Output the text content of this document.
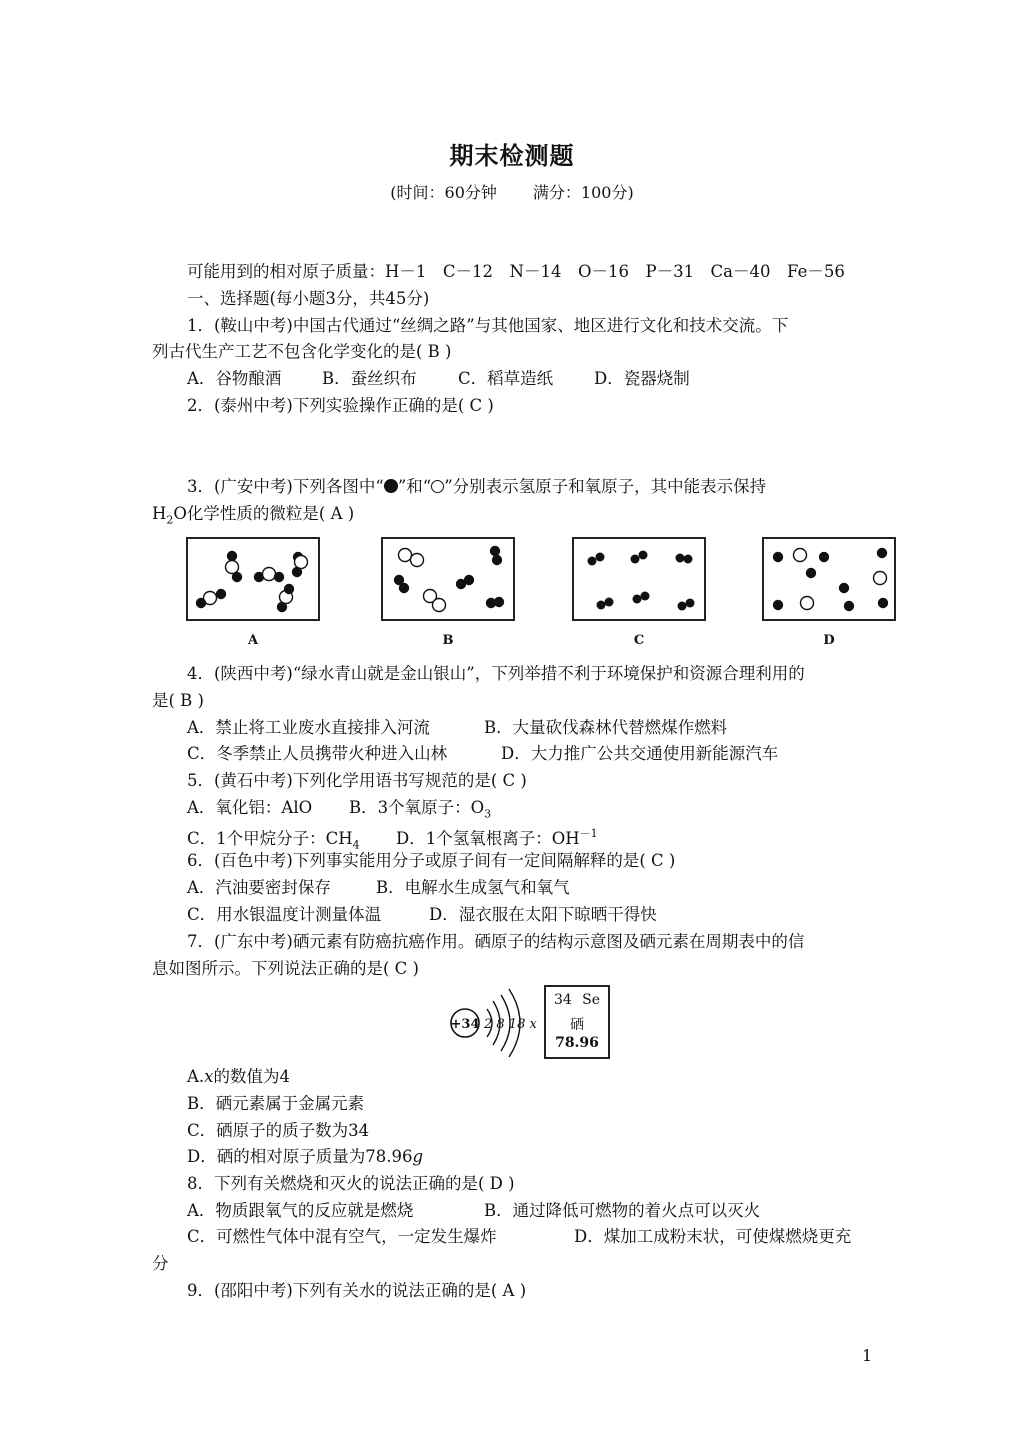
期末检测题
(时间：60分钟 满分：100分)
可能用到的相对原子质量：H－1　C－12　N－14　O－16　P－31　Ca－40　Fe－56
一、选择题(每小题3分，共45分)
1．(鞍山中考)中国古代通过“丝绸之路”与其他国家、地区进行文化和技术交流。下
列古代生产工艺不包含化学变化的是( B )
A．谷物酿酒 B．蚕丝织布	C．稻草造纸 D．瓷器烧制
2．(泰州中考)下列实验操作正确的是( C )
3．(广安中考)下列各图中“ ”和“ ”分别表示氢原子和氧原子，其中能表示保持
$H_2O$化学性质的微粒是( A )
A	B	C	D
4．(陕西中考)“绿水青山就是金山银山”，下列举措不利于环境保护和资源合理利用的
是( B )
A．禁止将工业废水直接排入河流	B．大量砍伐森林代替燃煤作燃料
C．冬季禁止人员携带火种进入山林	D．大力推广公共交通使用新能源汽车
5．(黄石中考)下列化学用语书写规范的是( C )
A．氧化铝：AlO B．3个氧原子：$O_3$
C．1个甲烷分子：$CH_4$ D．1个氢氧根离子：$OH^{-1}$
6．(百色中考)下列事实能用分子或原子间有一定间隔解释的是( C )
A．汽油要密封保存	B．电解水生成氢气和氧气
C．用水银温度计测量体温	D．湿衣服在太阳下晾晒干得快
7．(广东中考)硒元素有防癌抗癌作用。硒原子的结构示意图及硒元素在周期表中的信
息如图所示。下列说法正确的是( C )
+34 2 8 18 x
34 Se
硒
78.96
A.x的数值为4
B．硒元素属于金属元素
C．硒原子的质子数为34
D．硒的相对原子质量为78.96g
8．下列有关燃烧和灭火的说法正确的是( D )
A．物质跟氧气的反应就是燃烧	B．通过降低可燃物的着火点可以灭火
C．可燃性气体中混有空气，一定发生爆炸	D．煤加工成粉末状，可使煤燃烧更充
分
9．(邵阳中考)下列有关水的说法正确的是( A )
1
